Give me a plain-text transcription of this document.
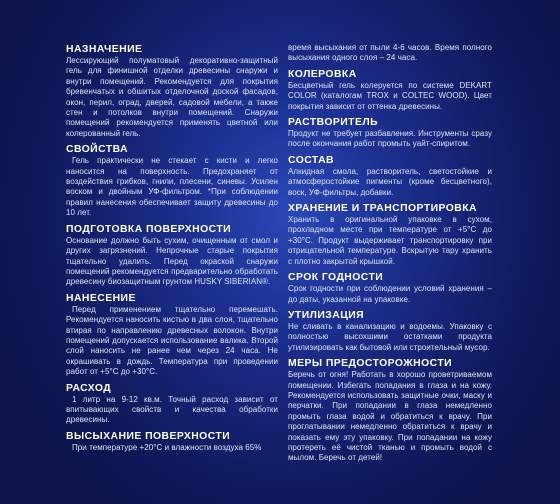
НАЗНАЧЕНИЕ
Лессирующий полуматовый декоративно-защитный гель для финишной отделки древесины снаружи и внутри помещений. Рекомендуется для покрытия бревенчатых и обшитых отделочной доской фасадов, окон, перил, оград, дверей, садовой мебели, а также стен и потолков внутри помещений. Снаружи помещений рекомендуется применять цветной или колерованный гель.
СВОЙСТВА
Гель практически не стекает с кисти и легко наносится на поверхность. Предохраняет от воздействия грибков, гнили, плесени, синевы. Усилен воском и двойным УФ-фильтром. *При соблюдении правил нанесения обеспечивает защиту древесины до 10 лет.
ПОДГОТОВКА ПОВЕРХНОСТИ
Основание должно быть сухим, очищенным от смол и других загрязнений. Непрочные старые покрытия тщательно удалить. Перед окраской снаружи помещений рекомендуется предварительно обработать древесину биозащитным грунтом HUSKY SIBERIAN®.
НАНЕСЕНИЕ
Перед применением тщательно перемешать. Рекомендуется наносить кистью в два слоя, тщательно втирая по направлению древесных волокон. Внутри помещений допускается использование валика. Второй слой наносить не ранее чем через 24 часа. Не окрашивать в дождь. Температура при проведении работ от +5°С до +30°С.
РАСХОД
1 литр на 9-12 кв.м. Точный расход зависит от впитывающих свойств и качества обработки древесины.
ВЫСЫХАНИЕ ПОВЕРХНОСТИ
При температуре +20°С и влажности воздуха 65%
время высыхания от пыли 4-6 часов. Время полного высыхания одного слоя – 24 часа.
КОЛЕРОВКА
Бесцветный гель колеруется по системе DEKART COLOR (каталогам TROX и COLTEC WOOD). Цвет покрытия зависит от оттенка древесины.
РАСТВОРИТЕЛЬ
Продукт не требует разбавления. Инструменты сразу после окончания работ промыть уайт-спиритом.
СОСТАВ
Алкидная смола, растворитель, светостойкие и атмосферостойкие пигменты (кроме бесцветного), воск, УФ-фильтры, добавки.
ХРАНЕНИЕ И ТРАНСПОРТИРОВКА
Хранить в оригинальной упаковке в сухом, прохладном месте при температуре от +5°С до +30°С. Продукт выдерживает транспортировку при отрицательной температуре. Вскрытую тару хранить с плотно закрытой крышкой.
СРОК ГОДНОСТИ
Срок годности при соблюдении условий хранения – до даты, указанной на упаковке.
УТИЛИЗАЦИЯ
Не сливать в канализацию и водоемы. Упаковку с полностью высохшими остатками продукта утилизировать как бытовой или строительный мусор.
МЕРЫ ПРЕДОСТОРОЖНОСТИ
Беречь от огня! Работать в хорошо проветриваемом помещении. Избегать попадания в глаза и на кожу. Рекомендуется использовать защитные очки, маску и перчатки. При попадании в глаза немедленно промыть глаза водой и обратиться к врачу. При проглатывании немедленно обратиться к врачу и показать ему эту упаковку. При попадании на кожу протереть её чистой тканью и промыть водой с мылом. Беречь от детей!
